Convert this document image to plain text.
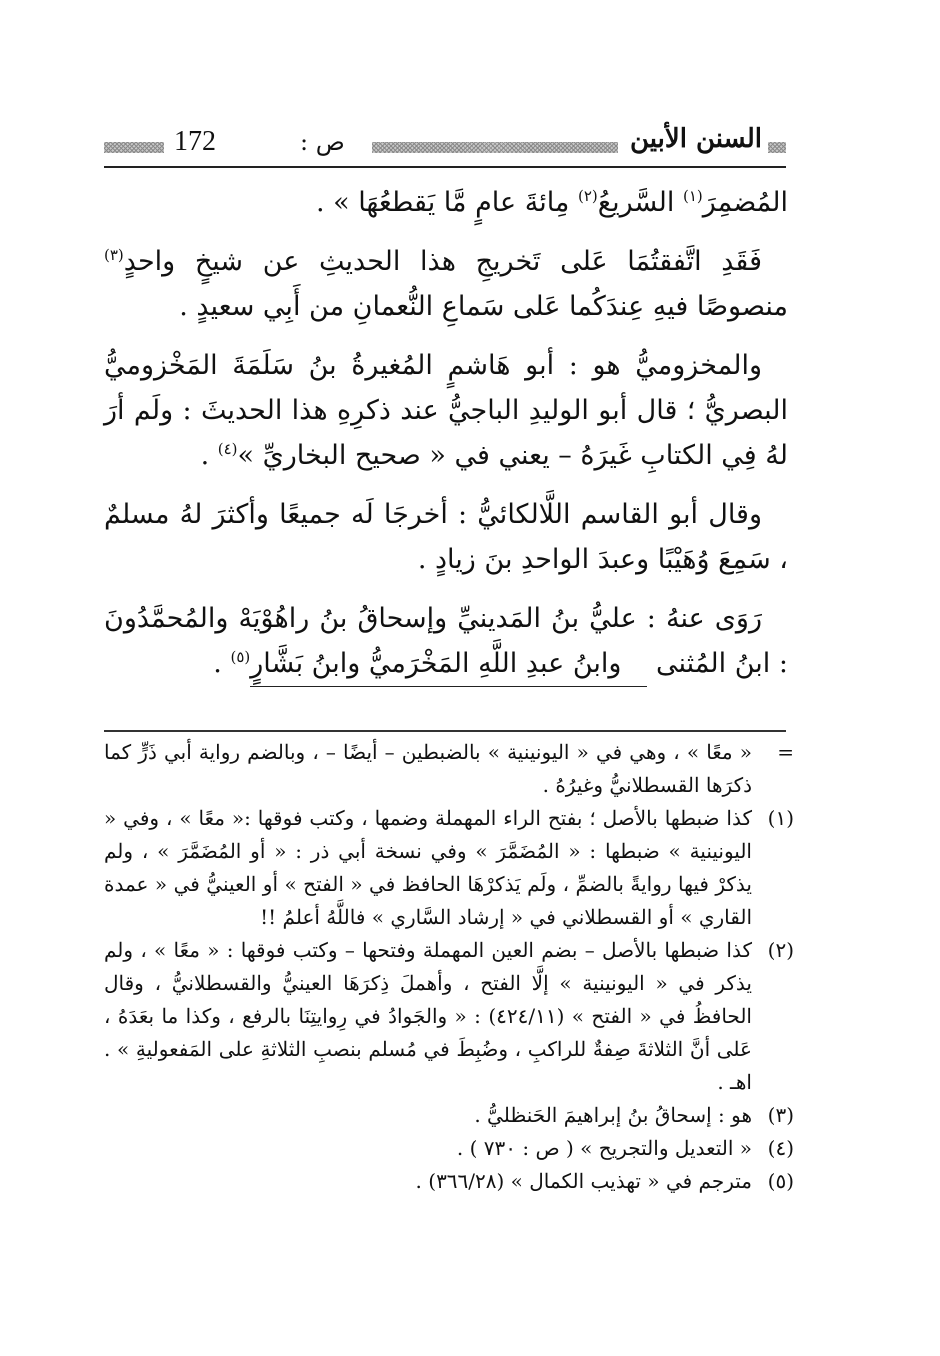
172	ص :	السنن الأبين

المُضمِرَ$^{(١)}$ السَّريعُ$^{(٢)}$ مِائةَ عامٍ مَّا يَقطعُهَا » .

فَقَدِ اتَّفقتُمَا عَلى تَخريجِ هذا الحديثِ عن شيخٍ واحدٍ$^{(٣)}$ منصوصًا فيهِ عِندَكُما عَلى سَماعِ النُّعمانِ من أَبِي سعيدٍ .

والمخزوميُّ هو : أبو هَاشمٍ المُغيرةُ بنُ سَلَمَةَ المَخْزوميُّ البصريُّ ؛ قال أبو الوليدِ الباجيُّ عند ذكرِهِ هذا الحديثَ : ولَم أرَ لهُ فِي الكتابِ غَيرَهُ – يعني في « صحيح البخاريِّ »$^{(٤)}$ .

وقال أبو القاسم اللَّالكائيُّ : أخرجَا لَه جميعًا وأكثرَ لهُ مسلمٌ ، سَمِعَ وُهَيْبًا وعبدَ الواحدِ بنَ زيادٍ .

رَوَى عنهُ : عليُّ بنُ المَدينيِّ وإسحاقُ بنُ راهُوْيَهْ والمُحمَّدُونَ : ابنُ المُثنى وابنُ عبدِ اللَّهِ المَخْرَميُّ وابنُ بَشَّارٍ$^{(٥)}$ .

=
« معًا » ، وهي في « اليونينية » بالضبطين – أيضًا – ، وبالضم رواية أبي ذَرٍّ كما ذكرَها القسطلانيُّ وغيرُهُ .
(١)
كذا ضبطها بالأصل ؛ بفتح الراء المهملة وضمها ، وكتب فوقها :« معًا » ، وفي « اليونينية » ضبطها : « المُضَمَّرَ » وفي نسخة أبي ذر : « أو المُضَمَّرَ » ، ولم يذكرْ فيها روايةً بالضمِّ ، ولَم يَذكرْهَا الحافظ في « الفتح » أو العينيُّ في « عمدة القاري » أو القسطلاني في « إرشاد السَّاري » فاللَّهُ أعلمُ !!
(٢)
كذا ضبطها بالأصل – بضم العين المهملة وفتحها – وكتب فوقها : « معًا » ، ولم يذكر في « اليونينية » إلَّا الفتح ، وأهملَ ذِكرَهَا العينيُّ والقسطلانيُّ ، وقال الحافظُ في « الفتح » (٤٢٤/١١) : « والجَوادُ في رِوايتِنَا بالرفع ، وكذا ما بعَدَهُ ، عَلى أنَّ الثلاثةَ صِفةٌ للراكبِ ، وضُبِطَ في مُسلم بنصبِ الثلاثةِ على المَفعوليةِ » . اهـ .
(٣)
هو : إسحاقُ بنُ إبراهيمَ الحَنظليُّ .
(٤)
« التعديل والتجريح » ( ص : ٧٣٠ ) .
(٥)
مترجم في « تهذيب الكمال » (٣٦٦/٢٨) .
